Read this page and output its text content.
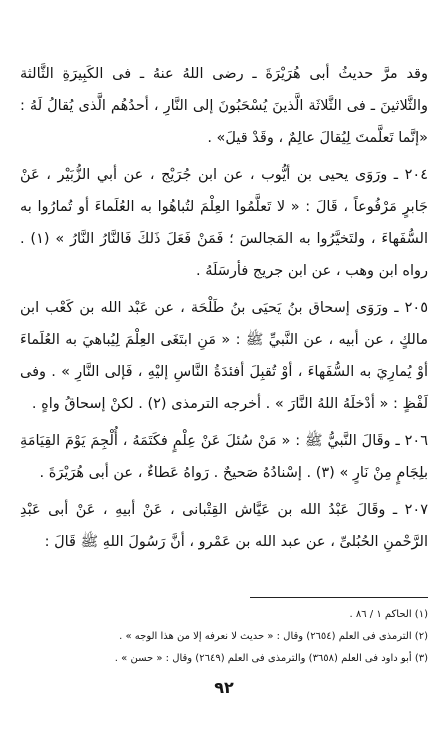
وقد مرَّ حديثُ أبى هُرَيْرَةَ ـ رضى اللهُ عنهُ ـ فى الكَبِيرَةِ الثَّالثة والثَّلاثينَ ـ فى الثَّلاثَة الَّذينَ يُسْحَبُونَ إلى النَّارِ ، أحدُهُم الَّذى يُقالُ لَهُ : «إنَّما تَعلَّمتَ لِيُقالَ عالِمٌ ، وقَدْ قيلَ» .

٢٠٤ ـ ورَوَى يحيى بن أيُّوب ، عن ابن جُرَيْج ، عن أبي الزُّبَيْر ، عَنْ جَابرٍ مَرْفُوعاً ، قَالَ : « لا تَعلَّمُوا العِلْمَ لتُباهُوا به العُلَماءَ أو تُمارُوا به السُّفَهاءَ ، ولتَخيَّرُوا به المَجالسَ ؛ فَمَنْ فَعَلَ ذَلكَ فَالنَّارُ النَّارُ » (١) . رواه ابن وهب ، عن ابن جريج فأرسَلَهُ .

٢٠٥ ـ ورَوَى إسحاق بنُ يَحيَى بنُ طَلْحَة ، عن عَبْد الله بن كَعْب ابن مالكٍ ، عن أبيه ، عن النَّبيِّ ﷺ : « مَنِ ابتَغَى العِلْمَ لِيُباهيَ به العُلَماءَ أوْ يُمارِيَ به السُّفَهاءَ ، أوْ تُقبِلَ أفئدَةُ النَّاسِ إليْهِ ، فَإلى النَّارِ » . وفى لَفْظٍ : « أدْخلَهُ اللهُ النَّارَ » . أخرجه الترمذى (٢) . لكنْ إسحاقُ واهٍ .

٢٠٦ ـ وقَالَ النَّبيُّ ﷺ : « مَنْ سُئلَ عَنْ عِلْمٍ فكَتَمَهُ ، أُلْجِمَ يَوْمَ القِيَامَةِ بلِجَامٍ مِنْ نَارٍ » (٣) . إسْنادُهُ صَحيحٌ . رَواهُ عَطاءٌ ، عن أبى هُرَيْرَةَ .

٢٠٧ ـ وقَالَ عَبْدُ الله بن عَيَّاش القِتْبانى ، عَنْ أبيهِ ، عَنْ أبى عَبْدِ الرَّحْمنِ الحُبُلىِّ ، عن عبد الله بن عَمْرو ، أنَّ رَسُولَ اللهِ ﷺ قَالَ :

(١) الحاكم ١ / ٨٦ .

(٢) الترمذى فى العلم (٢٦٥٤) وقال : « حديث لا نعرفه إلا من هذا الوجه » .

(٣) أبو داود فى العلم (٣٦٥٨) والترمذى فى العلم (٢٦٤٩) وقال : « حسن » .

٩٢
